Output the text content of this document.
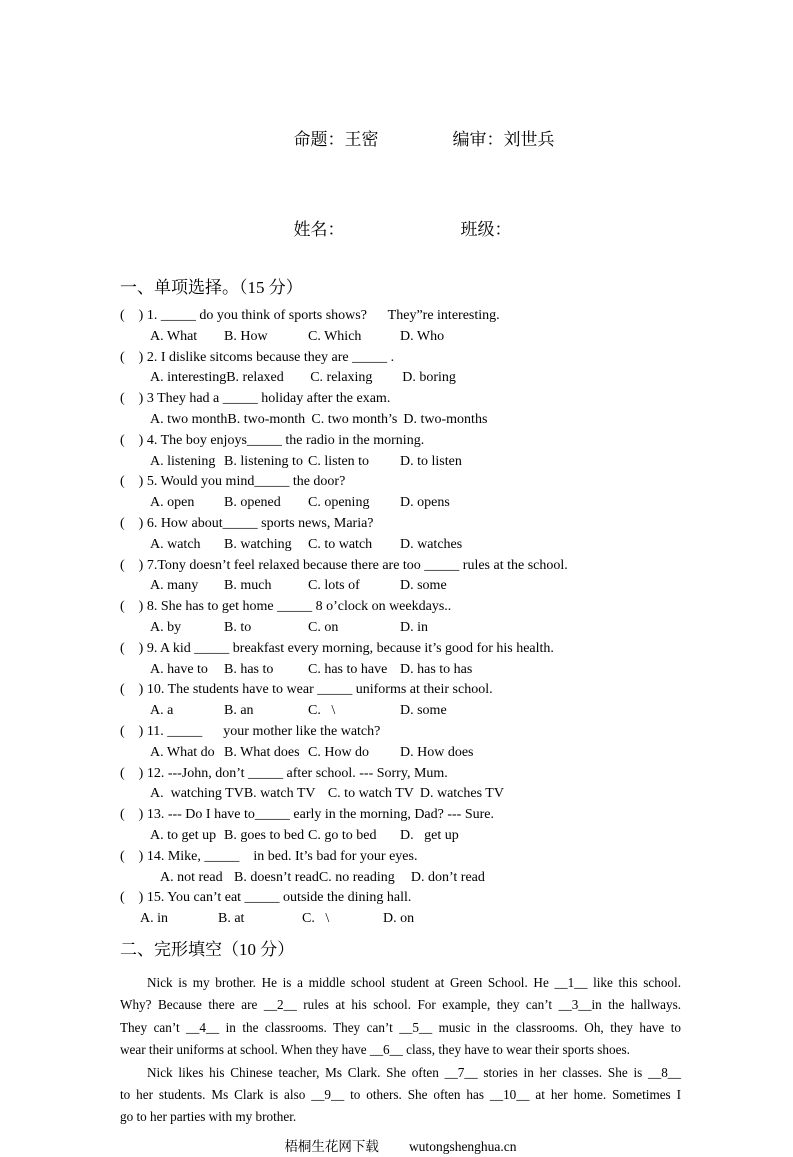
命题：王密	编审：刘世兵

姓名：	班级：

一、单项选择。（15 分）
(    ) 1. _____ do you think of sports shows?      They”re interesting.
A. What	B. How	C. Which	D. Who
(    ) 2. I dislike sitcoms because they are _____ .
A. interesting B. relaxed	C. relaxing	D. boring
(    ) 3 They had a _____ holiday after the exam.
A. two month B. two-month C. two month’s D. two-months
(    ) 4. The boy enjoys_____ the radio in the morning.
A. listening B. listening to C. listen to	D. to listen
(    ) 5. Would you mind_____ the door?
A. open	B. opened	C. opening	D. opens
(    ) 6. How about_____ sports news, Maria?
A. watch	B. watching	C. to watch	D. watches
(    ) 7.Tony doesn’t feel relaxed because there are too _____ rules at the school.
A. many	B. much	C. lots of	D. some
(    ) 8. She has to get home _____ 8 o’clock on weekdays..
A. by	B. to	C. on	D. in
(    ) 9. A kid _____ breakfast every morning, because it’s good for his health.
A. have to	B. has to	C. has to have D. has to has
(    ) 10. The students have to wear _____ uniforms at their school.
A. a	B. an	C.   \	D. some
(    ) 11. _____      your mother like the watch?
A. What do B. What does C. How do	D. How does
(    ) 12. ---John, don’t _____ after school. --- Sorry, Mum.
A.  watching TV B. watch TV C. to watch TV D. watches TV
(    ) 13. --- Do I have to_____ early in the morning, Dad? --- Sure.
A. to get up B. goes to bed C. go to bed	D.   get up
(    ) 14. Mike, _____    in bed. It’s bad for your eyes.
A. not read B. doesn’t read C. no reading	D. don’t read
(    ) 15. You can’t eat _____ outside the dining hall.
A. in	B. at	C.   \	D. on
二、完形填空（10 分）
Nick is my brother. He is a middle school student at Green School. He __1__ like this school.
Why? Because there are __2__ rules at his school. For example, they can’t __3__in the hallways.
They can’t __4__ in the classrooms. They can’t __5__ music in the classrooms. Oh, they have to
wear their uniforms at school. When they have __6__ class, they have to wear their sports shoes.
Nick likes his Chinese teacher, Ms Clark. She often __7__ stories in her classes. She is __8__
to her students. Ms Clark is also __9__ to others. She often has __10__ at her home. Sometimes I
go to her parties with my brother.
梧桐生花网下载 wutongshenghua.cn
